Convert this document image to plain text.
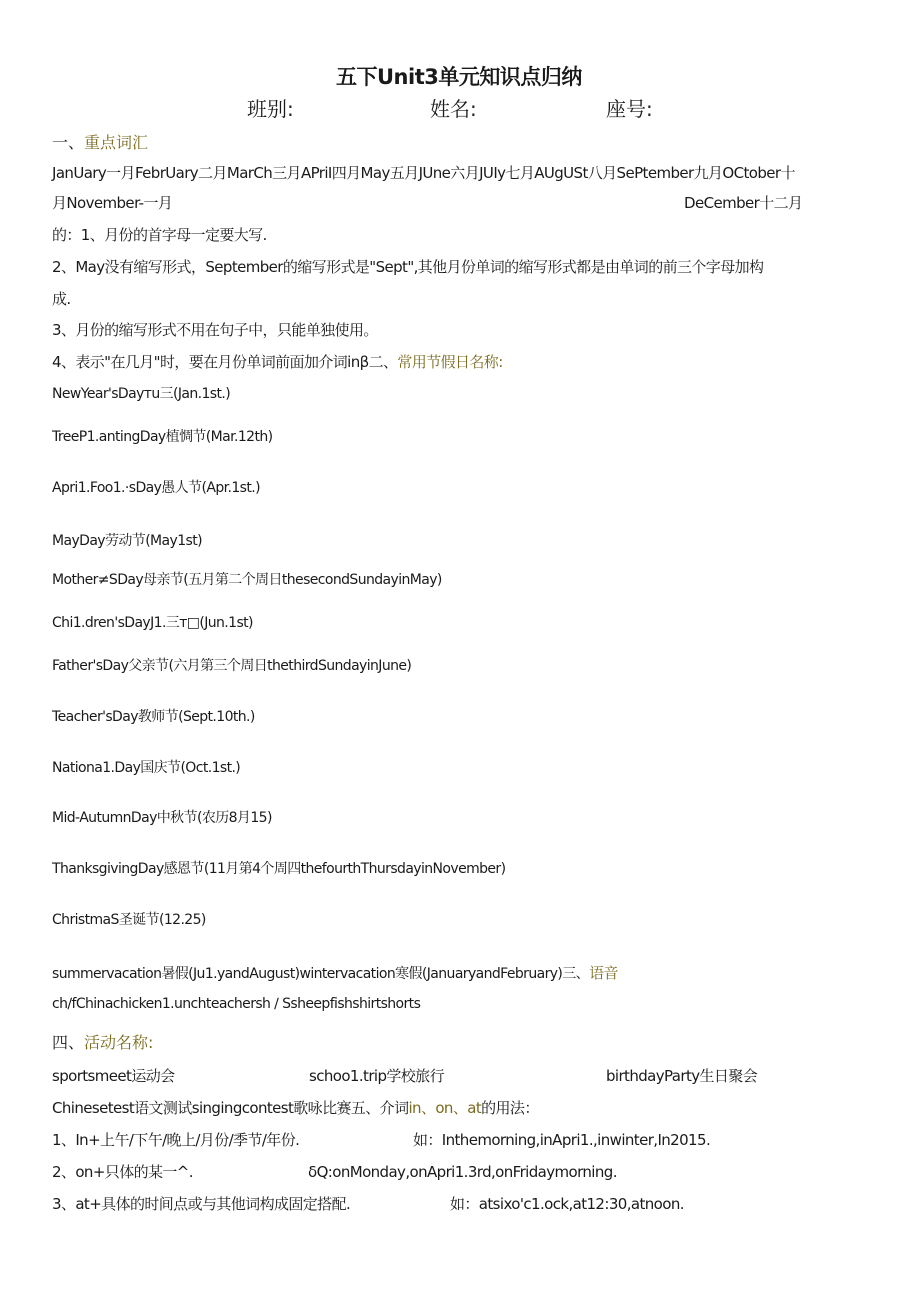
五下Unit3单元知识点归纳
班别:	姓名:	座号:
一、重点词汇
JanUary一月FebrUary二月MarCh三月APriI四月May五月JUne六月JUIy七月AUgUSt八月SePtember九月OCtober十
月November-一月	DeCember十二月
的：1、月份的首字母一定要大写.
2、May没有缩写形式，September的缩写形式是"Sept",其他月份单词的缩写形式都是由单词的前三个字母加构
成.
3、月份的缩写形式不用在句子中，只能单独使用。
4、表示"在几月"时，要在月份单词前面加介词inβ二、常用节假日名称:
NewYear'sDayтu三(Jan.1st.)
TreeP1.antingDay植惆节(Mar.12th)
Apri1.Foo1.·sDay愚人节(Apr.1st.)
MayDay劳动节(May1st)
Mother≠SDay母亲节(五月第二个周日thesecondSundayinMay)
Chi1.dren'sDayJ1.三т□(Jun.1st)
Father'sDay父亲节(六月第三个周日thethirdSundayinJune)
Teacher'sDay教师节(Sept.10th.)
Nationa1.Day国庆节(Oct.1st.)
Mid-AutumnDay中秋节(农历8月15)
ThanksgivingDay感恩节(11月第4个周四thefourthThursdayinNovember)
ChristmaS圣诞节(12.25)
summervacation暑假(Ju1.yandAugust)wintervacation寒假(JanuaryandFebruary)三、语音
ch∕fChinachicken1.unchteachersh ∕ Ssheepfishshirtshorts
四、活动名称:
sportsmeet运动会	schoo1.trip学校旅行	birthdayParty生日聚会
Chinesetest语文测试singingcontest歌咏比赛五、介词in、on、at的用法：
1、In+上午/下午/晚上/月份/季节/年份.	如：Inthemorning,inApri1.,inwinter,In2015.
2、on+只体的某一^.	δQ:onMonday,onApri1.3rd,onFridaymorning.
3、at+具体的时间点或与其他词构成固定搭配.	如：atsixo'c1.ock,at12:30,atnoon.
